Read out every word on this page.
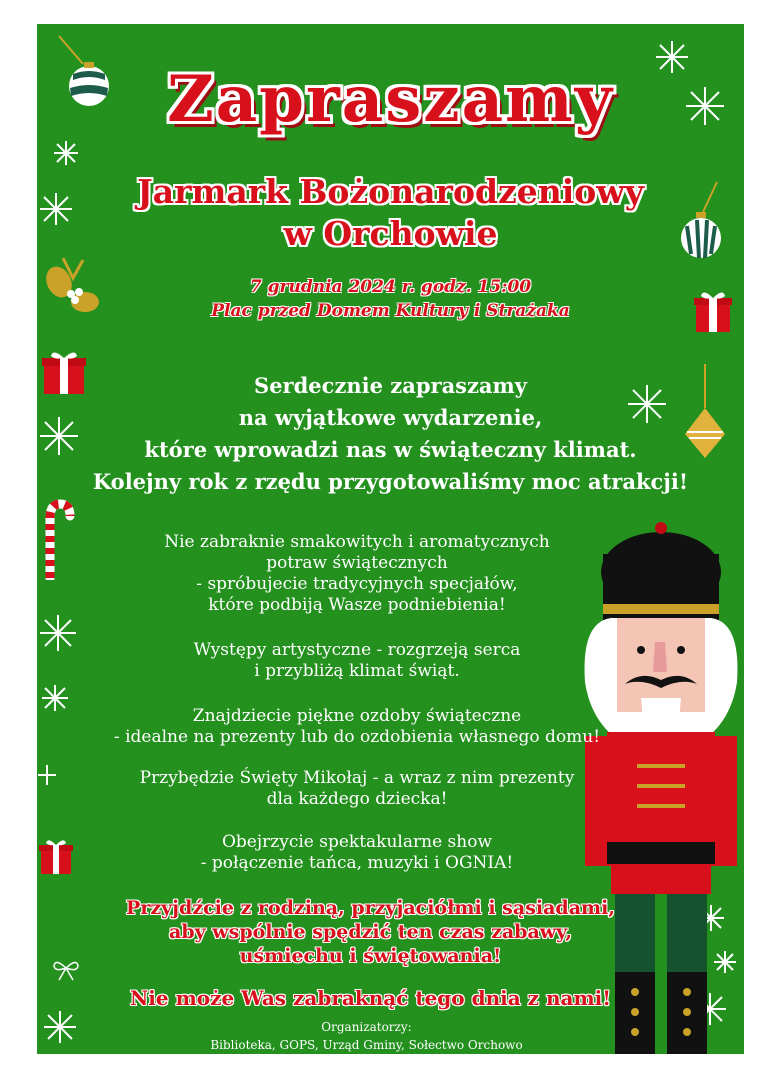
Zapraszamy
Jarmark Bożonarodzeniowy
w Orchowie
7 grudnia 2024 r. godz. 15:00
Plac przed Domem Kultury i Strażaka
Serdecznie zapraszamy
na wyjątkowe wydarzenie,
które wprowadzi nas w świąteczny klimat.
Kolejny rok z rzędu przygotowaliśmy moc atrakcji!
Nie zabraknie smakowitych i aromatycznych
potraw świątecznych
- spróbujecie tradycyjnych specjałów,
które podbiją Wasze podniebienia!
Występy artystyczne - rozgrzeją serca
i przybliżą klimat świąt.
Znajdziecie piękne ozdoby świąteczne
- idealne na prezenty lub do ozdobienia własnego domu!
Przybędzie Święty Mikołaj - a wraz z nim prezenty
dla każdego dziecka!
Obejrzycie spektakularne show
- połączenie tańca, muzyki i OGNIA!
Przyjdźcie z rodziną, przyjaciółmi i sąsiadami,
aby wspólnie spędzić ten czas zabawy,
uśmiechu i świętowania!
Nie może Was zabraknąć tego dnia z nami!
Organizatorzy:
Biblioteka, GOPS, Urząd Gminy, Sołectwo Orchowo
